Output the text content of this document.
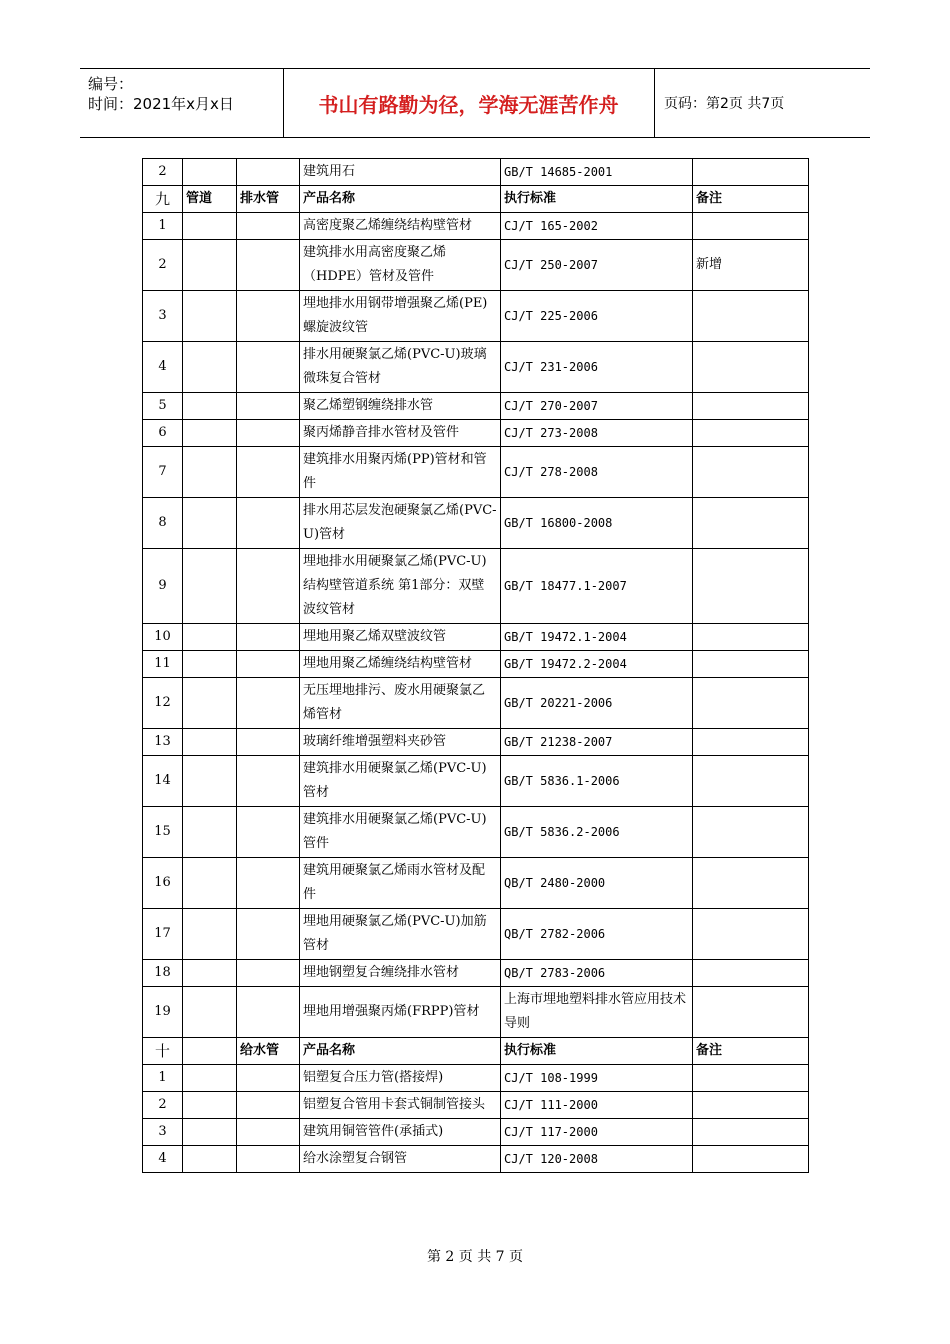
编号：
时间：2021年x月x日	书山有路勤为径，学海无涯苦作舟	页码：第2页 共7页
2			建筑用石	GB/T 14685-2001	
九	管道	排水管	产品名称	执行标准	备注
1			高密度聚乙烯缠绕结构壁管材	CJ/T 165-2002	
2			建筑排水用高密度聚乙烯（HDPE）管材及管件	CJ/T 250-2007	新增
3			埋地排水用钢带增强聚乙烯(PE)螺旋波纹管	CJ/T 225-2006	
4			排水用硬聚氯乙烯(PVC-U)玻璃微珠复合管材	CJ/T 231-2006	
5			聚乙烯塑钢缠绕排水管	CJ/T 270-2007	
6			聚丙烯静音排水管材及管件	CJ/T 273-2008	
7			建筑排水用聚丙烯(PP)管材和管件	CJ/T 278-2008	
8			排水用芯层发泡硬聚氯乙烯(PVC-U)管材	GB/T 16800-2008	
9			埋地排水用硬聚氯乙烯(PVC-U)结构壁管道系统 第1部分：双壁波纹管材	GB/T 18477.1-2007	
10			埋地用聚乙烯双壁波纹管	GB/T 19472.1-2004	
11			埋地用聚乙烯缠绕结构壁管材	GB/T 19472.2-2004	
12			无压埋地排污、废水用硬聚氯乙烯管材	GB/T 20221-2006	
13			玻璃纤维增强塑料夹砂管	GB/T 21238-2007	
14			建筑排水用硬聚氯乙烯(PVC-U)管材	GB/T 5836.1-2006	
15			建筑排水用硬聚氯乙烯(PVC-U)管件	GB/T 5836.2-2006	
16			建筑用硬聚氯乙烯雨水管材及配件	QB/T 2480-2000	
17			埋地用硬聚氯乙烯(PVC-U)加筋管材	QB/T 2782-2006	
18			埋地钢塑复合缠绕排水管材	QB/T 2783-2006	
19			埋地用增强聚丙烯(FRPP)管材	上海市埋地塑料排水管应用技术导则	
十		给水管	产品名称	执行标准	备注
1			铝塑复合压力管(搭接焊)	CJ/T 108-1999	
2			铝塑复合管用卡套式铜制管接头	CJ/T 111-2000	
3			建筑用铜管管件(承插式)	CJ/T 117-2000	
4			给水涂塑复合钢管	CJ/T 120-2008	
第 2 页 共 7 页
